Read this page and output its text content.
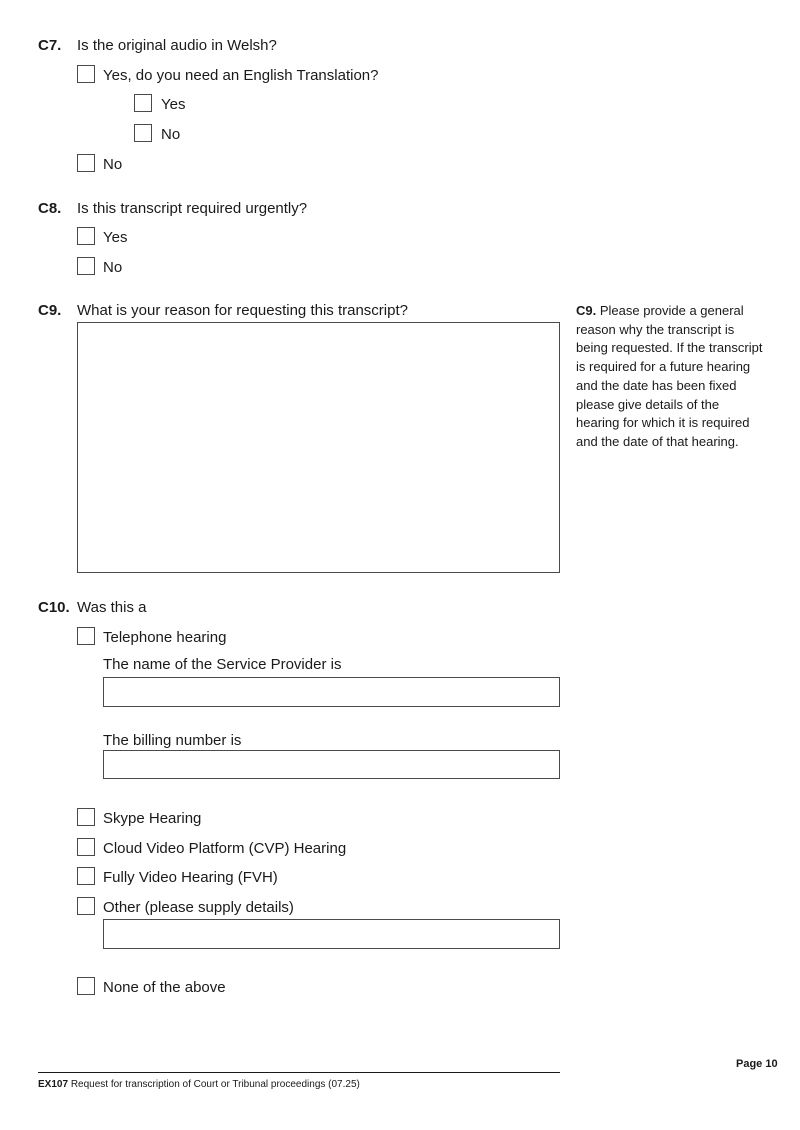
C7. Is the original audio in Welsh?
Yes, do you need an English Translation?
Yes
No
No
C8. Is this transcript required urgently?
Yes
No
C9. What is your reason for requesting this transcript?	C9. Please provide a general reason why the transcript is being requested. If the transcript is required for a future hearing and the date has been fixed please give details of the hearing for which it is required and the date of that hearing.
C10. Was this a
Telephone hearing
The name of the Service Provider is
The billing number is
Skype Hearing
Cloud Video Platform (CVP) Hearing
Fully Video Hearing (FVH)
Other (please supply details)
None of the above
Page 10
EX107 Request for transcription of Court or Tribunal proceedings (07.25)
